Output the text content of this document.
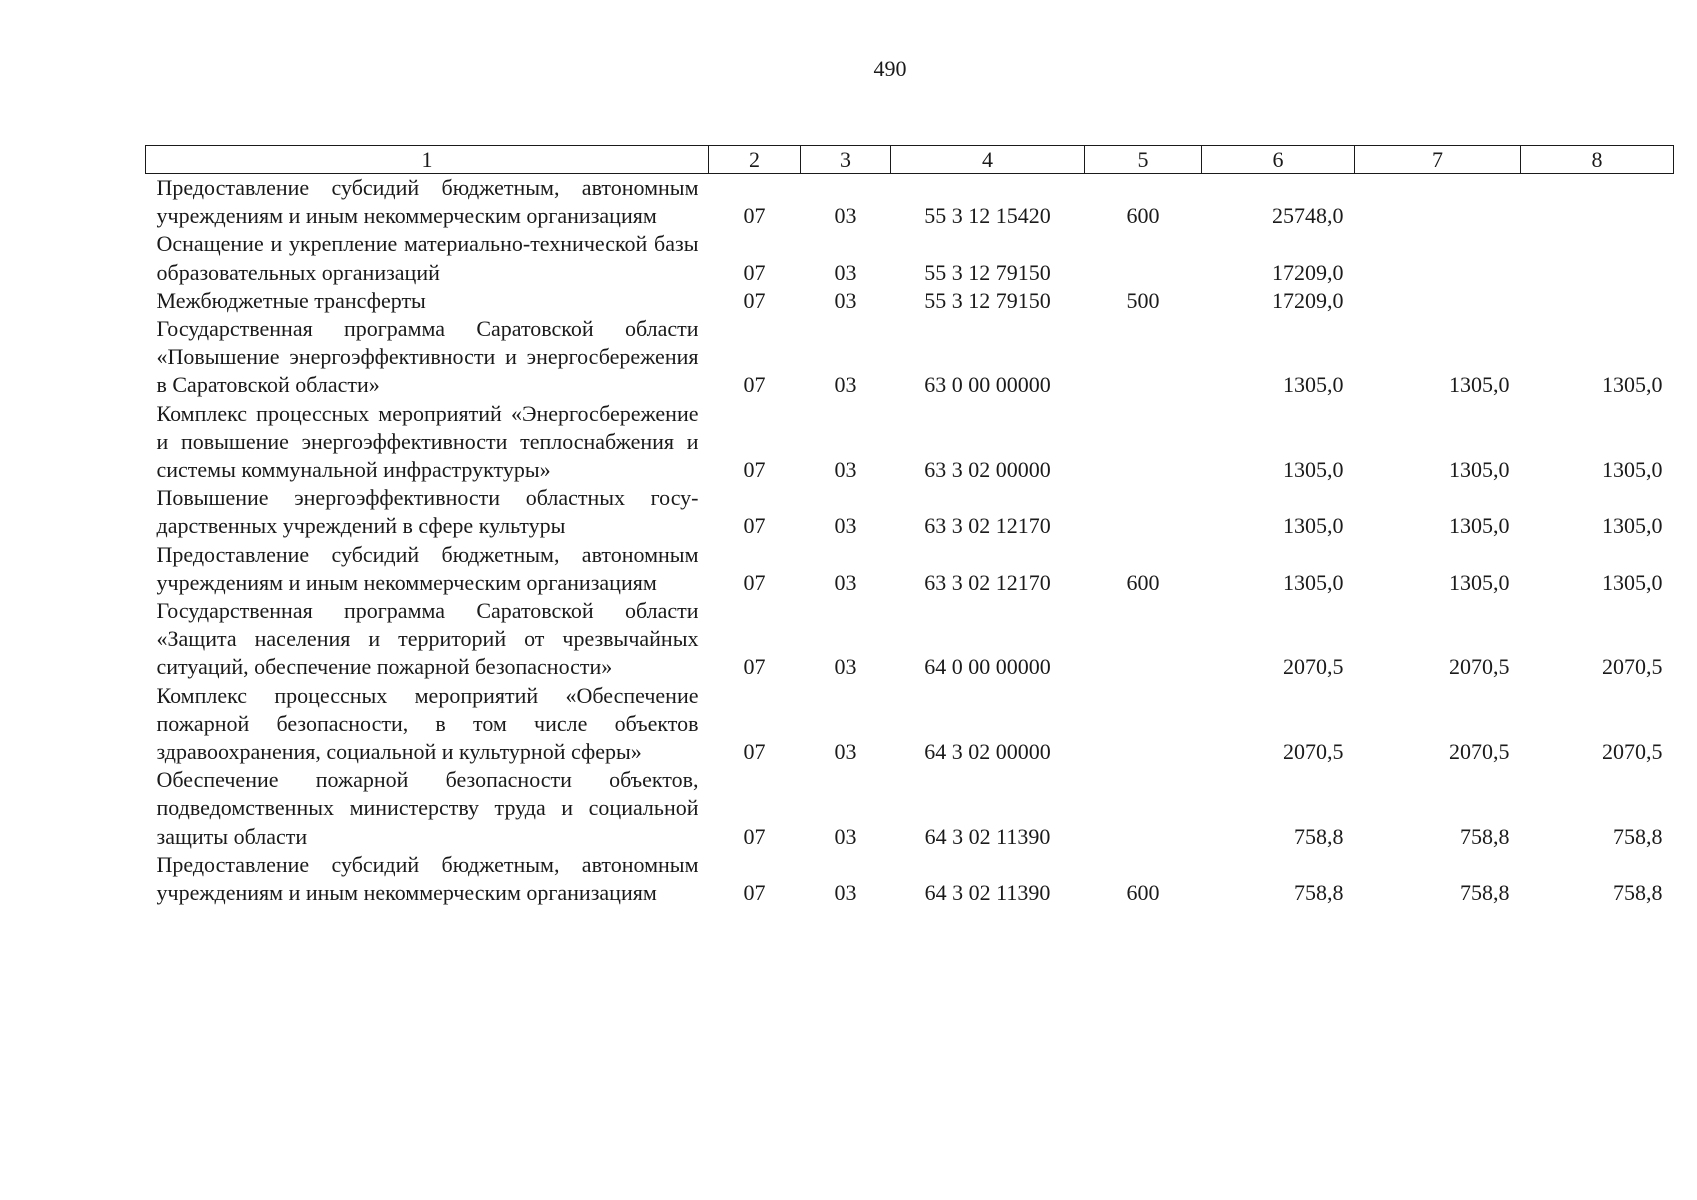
490
1	2	3	4	5	6	7	8
Предоставление субсидий бюджетным, автономным учреждениям и иным некоммерческим организациям	07	03	55 3 12 15420	600	25748,0		
Оснащение и укрепление материально-технической базы образовательных организаций	07	03	55 3 12 79150		17209,0		
Межбюджетные трансферты	07	03	55 3 12 79150	500	17209,0		
Государственная программа Саратовской области «Повышение энергоэффективности и энергосбережения в Саратовской области»	07	03	63 0 00 00000		1305,0	1305,0	1305,0
Комплекс процессных мероприятий «Энергосбережение и повышение энергоэффективности теплоснабжения и системы коммунальной инфраструктуры»	07	03	63 3 02 00000		1305,0	1305,0	1305,0
Повышение энергоэффективности областных государственных учреждений в сфере культуры	07	03	63 3 02 12170		1305,0	1305,0	1305,0
Предоставление субсидий бюджетным, автономным учреждениям и иным некоммерческим организациям	07	03	63 3 02 12170	600	1305,0	1305,0	1305,0
Государственная программа Саратовской области «Защита населения и территорий от чрезвычайных ситуаций, обеспечение пожарной безопасности»	07	03	64 0 00 00000		2070,5	2070,5	2070,5
Комплекс процессных мероприятий «Обеспечение пожарной безопасности, в том числе объектов здравоохранения, социальной и культурной сферы»	07	03	64 3 02 00000		2070,5	2070,5	2070,5
Обеспечение пожарной безопасности объектов, подведомственных министерству труда и социальной защиты области	07	03	64 3 02 11390		758,8	758,8	758,8
Предоставление субсидий бюджетным, автономным учреждениям и иным некоммерческим организациям	07	03	64 3 02 11390	600	758,8	758,8	758,8
